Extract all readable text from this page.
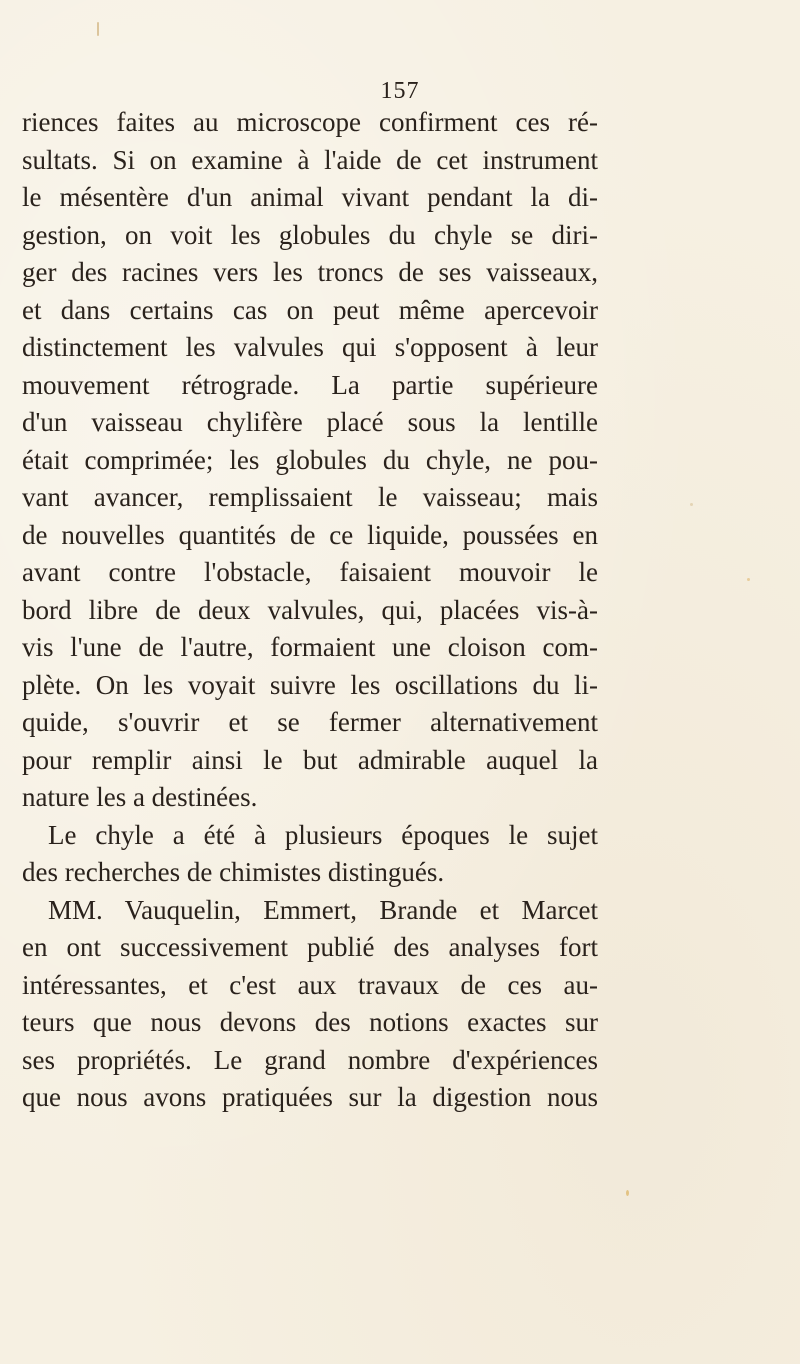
157
riences faites au microscope confirment ces ré-
sultats. Si on examine à l'aide de cet instrument
le mésentère d'un animal vivant pendant la di-
gestion, on voit les globules du chyle se diri-
ger des racines vers les troncs de ses vaisseaux,
et dans certains cas on peut même apercevoir
distinctement les valvules qui s'opposent à leur
mouvement rétrograde. La partie supérieure
d'un vaisseau chylifère placé sous la lentille
était comprimée; les globules du chyle, ne pou-
vant avancer, remplissaient le vaisseau; mais
de nouvelles quantités de ce liquide, poussées en
avant contre l'obstacle, faisaient mouvoir le
bord libre de deux valvules, qui, placées vis-à-
vis l'une de l'autre, formaient une cloison com-
plète. On les voyait suivre les oscillations du li-
quide, s'ouvrir et se fermer alternativement
pour remplir ainsi le but admirable auquel la
nature les a destinées.
Le chyle a été à plusieurs époques le sujet
des recherches de chimistes distingués.
MM. Vauquelin, Emmert, Brande et Marcet
en ont successivement publié des analyses fort
intéressantes, et c'est aux travaux de ces au-
teurs que nous devons des notions exactes sur
ses propriétés. Le grand nombre d'expériences
que nous avons pratiquées sur la digestion nous
